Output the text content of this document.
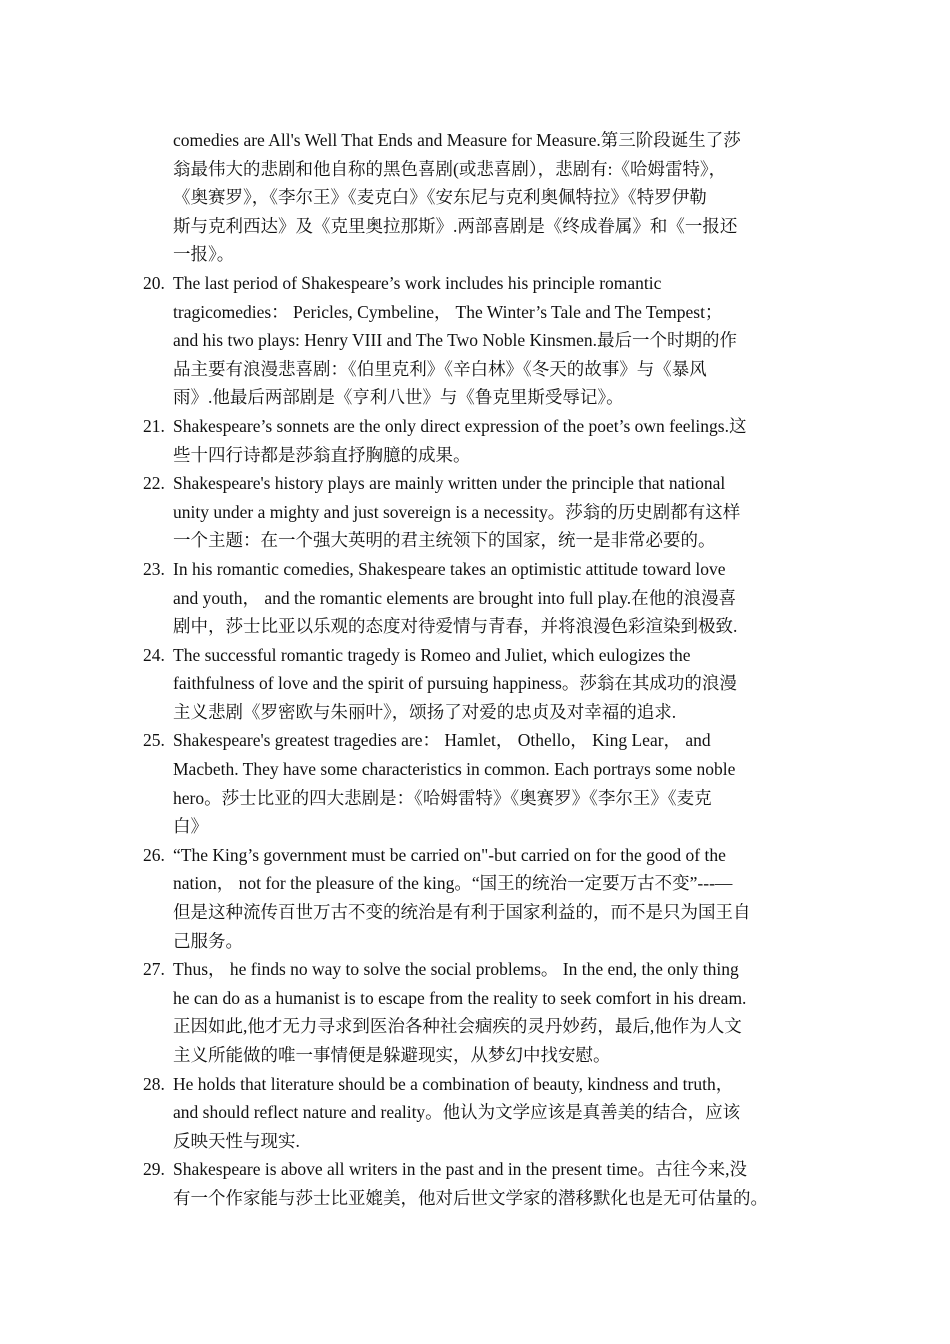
comedies are All's Well That Ends and Measure for Measure.第三阶段诞生了莎
翁最伟大的悲剧和他自称的黑色喜剧(或悲喜剧），悲剧有:《哈姆雷特》，
《奥赛罗》，《李尔王》《麦克白》《安东尼与克利奥佩特拉》《特罗伊勒
斯与克利西达》及《克里奥拉那斯》.两部喜剧是《终成眷属》和《一报还
一报》。
20. The last period of Shakespeare’s work includes his principle romantic
tragicomedies： Pericles, Cymbeline， The Winter’s Tale and The Tempest；
and his two plays: Henry VIII and The Two Noble Kinsmen.最后一个时期的作
品主要有浪漫悲喜剧：《伯里克利》《辛白林》《冬天的故事》与《暴风
雨》.他最后两部剧是《亨利八世》与《鲁克里斯受辱记》。
21. Shakespeare’s sonnets are the only direct expression of the poet’s own feelings.这
些十四行诗都是莎翁直抒胸臆的成果。
22. Shakespeare's history plays are mainly written under the principle that national
unity under a mighty and just sovereign is a necessity。莎翁的历史剧都有这样
一个主题：在一个强大英明的君主统领下的国家，统一是非常必要的。
23. In his romantic comedies, Shakespeare takes an optimistic attitude toward love
and youth， and the romantic elements are brought into full play.在他的浪漫喜
剧中，莎士比亚以乐观的态度对待爱情与青春，并将浪漫色彩渲染到极致.
24. The successful romantic tragedy is Romeo and Juliet, which eulogizes the
faithfulness of love and the spirit of pursuing happiness。莎翁在其成功的浪漫
主义悲剧《罗密欧与朱丽叶》，颂扬了对爱的忠贞及对幸福的追求.
25. Shakespeare's greatest tragedies are： Hamlet， Othello， King Lear， and
Macbeth. They have some characteristics in common. Each portrays some noble
hero。莎士比亚的四大悲剧是：《哈姆雷特》《奥赛罗》《李尔王》《麦克
白》
26. “The King’s government must be carried on"-but carried on for the good of the
nation， not for the pleasure of the king。“国王的统治一定要万古不变”---—
但是这种流传百世万古不变的统治是有利于国家利益的，而不是只为国王自
己服务。
27. Thus， he finds no way to solve the social problems。 In the end, the only thing
he can do as a humanist is to escape from the reality to seek comfort in his dream.
正因如此,他才无力寻求到医治各种社会痼疾的灵丹妙药，最后,他作为人文
主义所能做的唯一事情便是躲避现实，从梦幻中找安慰。
28. He holds that literature should be a combination of beauty, kindness and truth，
and should reflect nature and reality。他认为文学应该是真善美的结合，应该
反映天性与现实.
29. Shakespeare is above all writers in the past and in the present time。古往今来,没
有一个作家能与莎士比亚媲美，他对后世文学家的潜移默化也是无可估量的。
